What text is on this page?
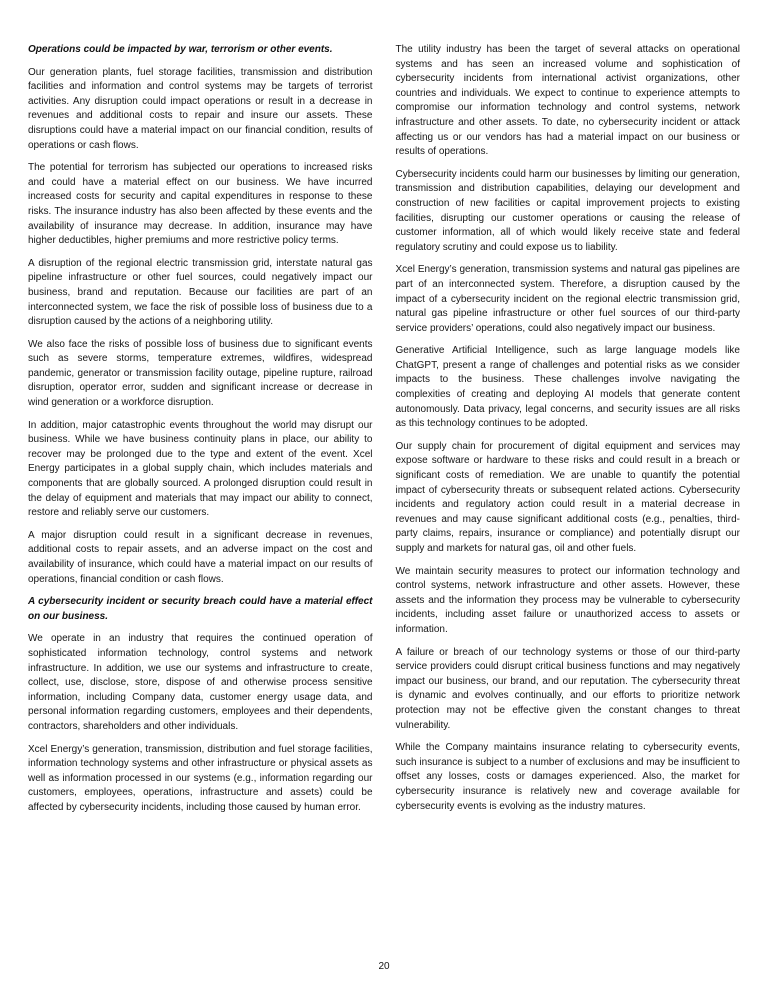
Operations could be impacted by war, terrorism or other events.

Our generation plants, fuel storage facilities, transmission and distribution facilities and information and control systems may be targets of terrorist activities. Any disruption could impact operations or result in a decrease in revenues and additional costs to repair and insure our assets. These disruptions could have a material impact on our financial condition, results of operations or cash flows.

The potential for terrorism has subjected our operations to increased risks and could have a material effect on our business. We have incurred increased costs for security and capital expenditures in response to these risks. The insurance industry has also been affected by these events and the availability of insurance may decrease. In addition, insurance may have higher deductibles, higher premiums and more restrictive policy terms.

A disruption of the regional electric transmission grid, interstate natural gas pipeline infrastructure or other fuel sources, could negatively impact our business, brand and reputation. Because our facilities are part of an interconnected system, we face the risk of possible loss of business due to a disruption caused by the actions of a neighboring utility.

We also face the risks of possible loss of business due to significant events such as severe storms, temperature extremes, wildfires, widespread pandemic, generator or transmission facility outage, pipeline rupture, railroad disruption, operator error, sudden and significant increase or decrease in wind generation or a workforce disruption.

In addition, major catastrophic events throughout the world may disrupt our business. While we have business continuity plans in place, our ability to recover may be prolonged due to the type and extent of the event. Xcel Energy participates in a global supply chain, which includes materials and components that are globally sourced. A prolonged disruption could result in the delay of equipment and materials that may impact our ability to connect, restore and reliably serve our customers.

A major disruption could result in a significant decrease in revenues, additional costs to repair assets, and an adverse impact on the cost and availability of insurance, which could have a material impact on our results of operations, financial condition or cash flows.

A cybersecurity incident or security breach could have a material effect on our business.

We operate in an industry that requires the continued operation of sophisticated information technology, control systems and network infrastructure. In addition, we use our systems and infrastructure to create, collect, use, disclose, store, dispose of and otherwise process sensitive information, including Company data, customer energy usage data, and personal information regarding customers, employees and their dependents, contractors, shareholders and other individuals.

Xcel Energy’s generation, transmission, distribution and fuel storage facilities, information technology systems and other infrastructure or physical assets as well as information processed in our systems (e.g., information regarding our customers, employees, operations, infrastructure and assets) could be affected by cybersecurity incidents, including those caused by human error.

The utility industry has been the target of several attacks on operational systems and has seen an increased volume and sophistication of cybersecurity incidents from international activist organizations, other countries and individuals. We expect to continue to experience attempts to compromise our information technology and control systems, network infrastructure and other assets. To date, no cybersecurity incident or attack affecting us or our vendors has had a material impact on our business or results of operations.

Cybersecurity incidents could harm our businesses by limiting our generation, transmission and distribution capabilities, delaying our development and construction of new facilities or capital improvement projects to existing facilities, disrupting our customer operations or causing the release of customer information, all of which would likely receive state and federal regulatory scrutiny and could expose us to liability.

Xcel Energy’s generation, transmission systems and natural gas pipelines are part of an interconnected system. Therefore, a disruption caused by the impact of a cybersecurity incident on the regional electric transmission grid, natural gas pipeline infrastructure or other fuel sources of our third-party service providers’ operations, could also negatively impact our business.

Generative Artificial Intelligence, such as large language models like ChatGPT, present a range of challenges and potential risks as we consider impacts to the business. These challenges involve navigating the complexities of creating and deploying AI models that generate content autonomously. Data privacy, legal concerns, and security issues are all risks as this technology continues to be adopted.

Our supply chain for procurement of digital equipment and services may expose software or hardware to these risks and could result in a breach or significant costs of remediation. We are unable to quantify the potential impact of cybersecurity threats or subsequent related actions. Cybersecurity incidents and regulatory action could result in a material decrease in revenues and may cause significant additional costs (e.g., penalties, third-party claims, repairs, insurance or compliance) and potentially disrupt our supply and markets for natural gas, oil and other fuels.

We maintain security measures to protect our information technology and control systems, network infrastructure and other assets. However, these assets and the information they process may be vulnerable to cybersecurity incidents, including asset failure or unauthorized access to assets or information.

A failure or breach of our technology systems or those of our third-party service providers could disrupt critical business functions and may negatively impact our business, our brand, and our reputation. The cybersecurity threat is dynamic and evolves continually, and our efforts to prioritize network protection may not be effective given the constant changes to threat vulnerability.

While the Company maintains insurance relating to cybersecurity events, such insurance is subject to a number of exclusions and may be insufficient to offset any losses, costs or damages experienced. Also, the market for cybersecurity insurance is relatively new and coverage available for cybersecurity events is evolving as the industry matures.

20
